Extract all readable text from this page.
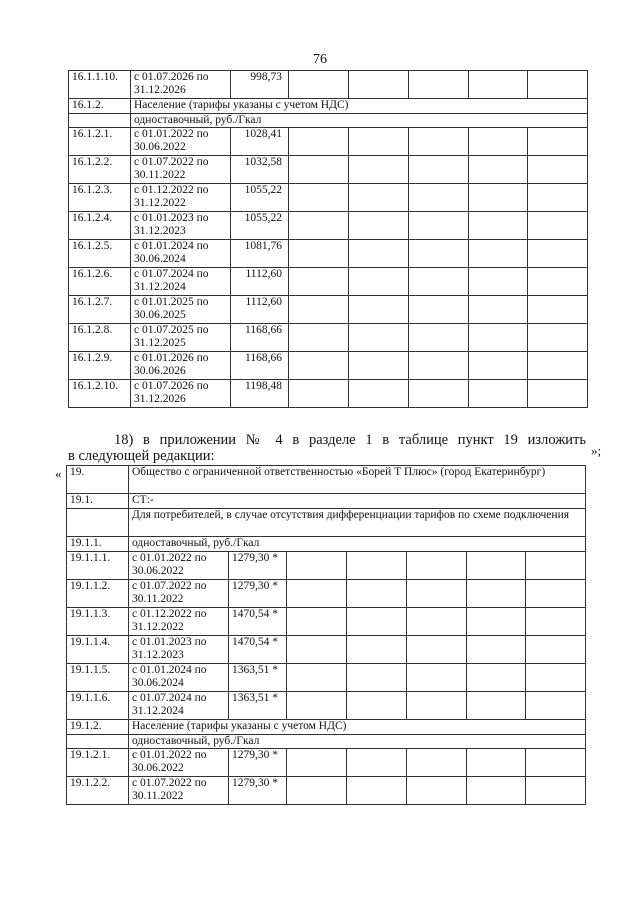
76
16.1.1.10.	с 01.07.2026 по 31.12.2026	998,73					
16.1.2.	Население (тарифы указаны с учетом НДС)						
	одноставочный, руб./Гкал						
16.1.2.1.	с 01.01.2022 по 30.06.2022	1028,41					
16.1.2.2.	с 01.07.2022 по 30.11.2022	1032,58					
16.1.2.3.	с 01.12.2022 по 31.12.2022	1055,22					
16.1.2.4.	с 01.01.2023 по 31.12.2023	1055,22					
16.1.2.5.	с 01.01.2024 по 30.06.2024	1081,76					
16.1.2.6.	с 01.07.2024 по 31.12.2024	1112,60					
16.1.2.7.	с 01.01.2025 по 30.06.2025	1112,60					
16.1.2.8.	с 01.07.2025 по 31.12.2025	1168,66					
16.1.2.9.	с 01.01.2026 по 30.06.2026	1168,66					
16.1.2.10.	с 01.07.2026 по 31.12.2026	1198,48					
»;
18) в приложении № 4 в разделе 1 в таблице пункт 19 изложить
в следующей редакции:
« 19.	Общество с ограниченной ответственностью «Борей Т Плюс» (город Екатеринбург)						
19.1.	СТ:-						
	Для потребителей, в случае отсутствия дифференциации тарифов по схеме подключения						
19.1.1.	одноставочный, руб./Гкал						
19.1.1.1.	с 01.01.2022 по 30.06.2022	1279,30 *					
19.1.1.2.	с 01.07.2022 по 30.11.2022	1279,30 *					
19.1.1.3.	с 01.12.2022 по 31.12.2022	1470,54 *					
19.1.1.4.	с 01.01.2023 по 31.12.2023	1470,54 *					
19.1.1.5.	с 01.01.2024 по 30.06.2024	1363,51 *					
19.1.1.6.	с 01.07.2024 по 31.12.2024	1363,51 *					
19.1.2.	Население (тарифы указаны с учетом НДС)						
	одноставочный, руб./Гкал						
19.1.2.1.	с 01.01.2022 по 30.06.2022	1279,30 *					
19.1.2.2.	с 01.07.2022 по 30.11.2022	1279,30 *					
